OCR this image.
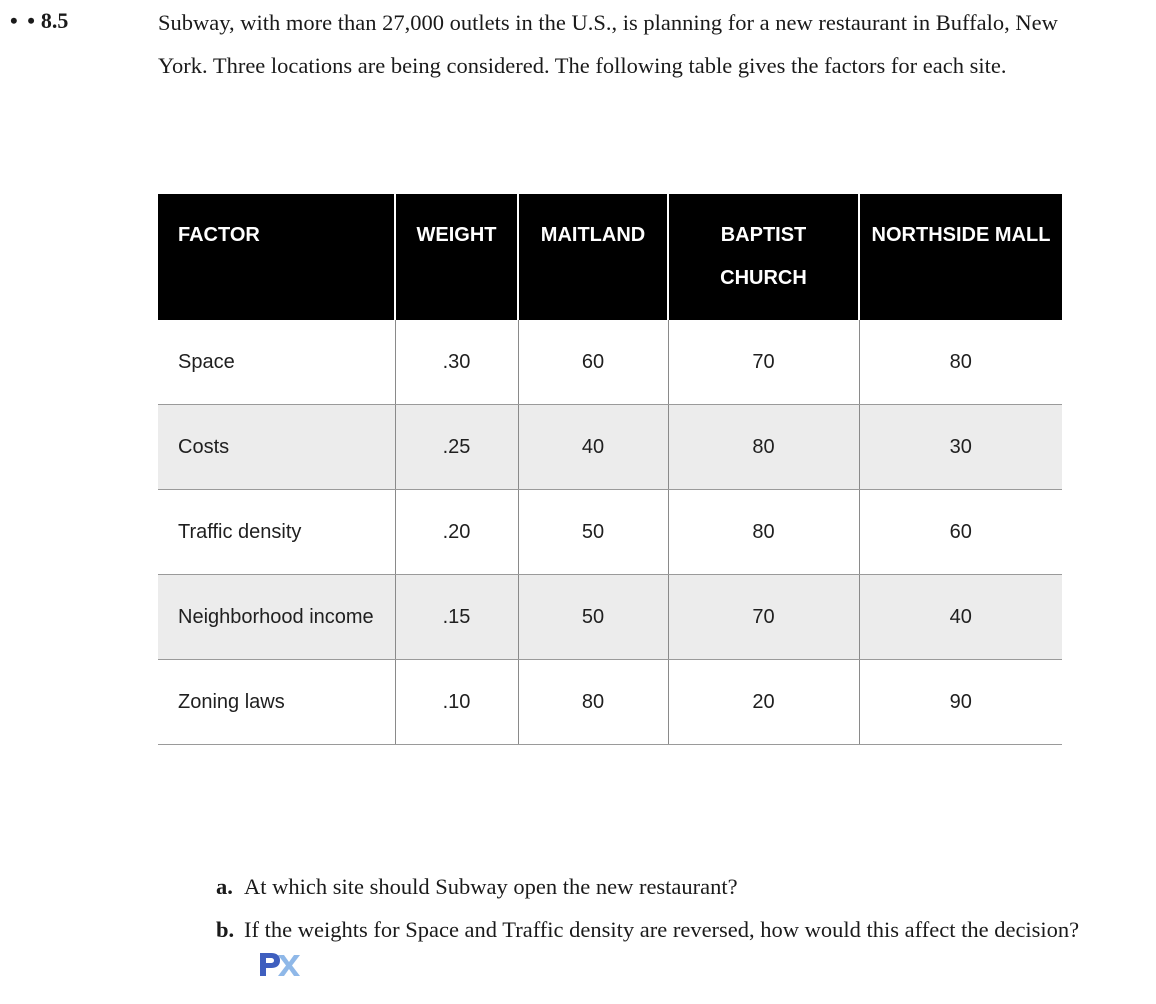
• • 8.5	Subway, with more than 27,000 outlets in the U.S., is planning for a new restaurant in Buffalo, New York. Three locations are being considered. The following table gives the factors for each site.
FACTOR	WEIGHT	MAITLAND	BAPTIST CHURCH	NORTHSIDE MALL
Space	.30	60	70	80
Costs	.25	40	80	30
Traffic density	.20	50	80	60
Neighborhood income	.15	50	70	40
Zoning laws	.10	80	20	90
a. At which site should Subway open the new restaurant?
b. If the weights for Space and Traffic density are reversed, how would this affect the decision?
